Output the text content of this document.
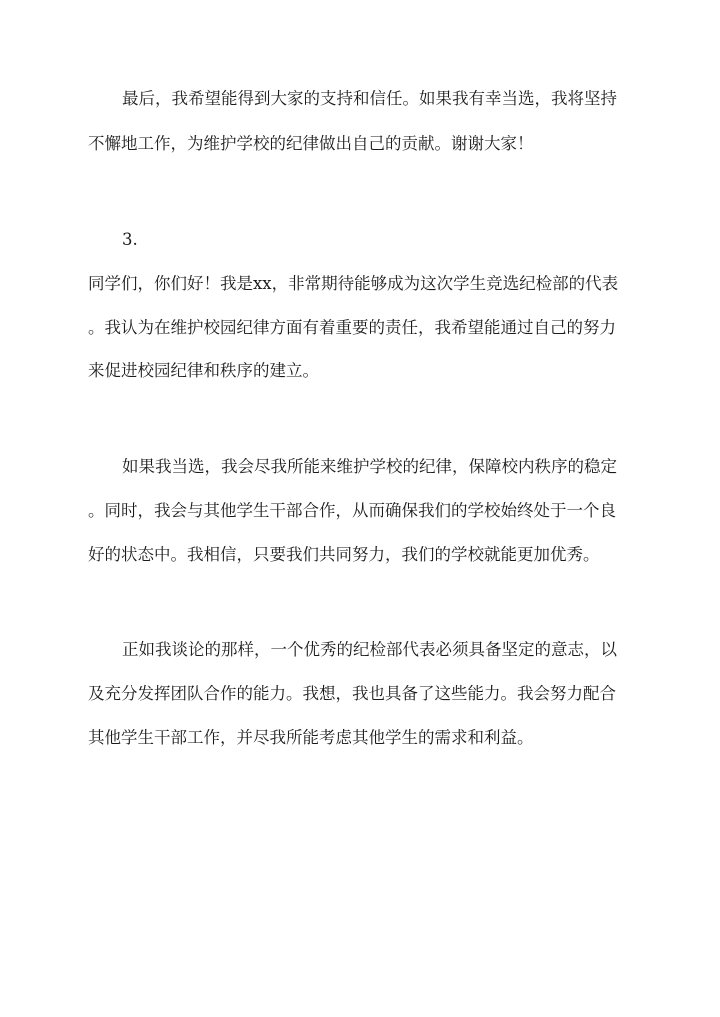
最后，我希望能得到大家的支持和信任。如果我有幸当选，我将坚持
不懈地工作，为维护学校的纪律做出自己的贡献。谢谢大家！
3.
同学们，你们好！我是xx，非常期待能够成为这次学生竞选纪检部的代表
。我认为在维护校园纪律方面有着重要的责任，我希望能通过自己的努力
来促进校园纪律和秩序的建立。
如果我当选，我会尽我所能来维护学校的纪律，保障校内秩序的稳定
。同时，我会与其他学生干部合作，从而确保我们的学校始终处于一个良
好的状态中。我相信，只要我们共同努力，我们的学校就能更加优秀。
正如我谈论的那样，一个优秀的纪检部代表必须具备坚定的意志，以
及充分发挥团队合作的能力。我想，我也具备了这些能力。我会努力配合
其他学生干部工作，并尽我所能考虑其他学生的需求和利益。
